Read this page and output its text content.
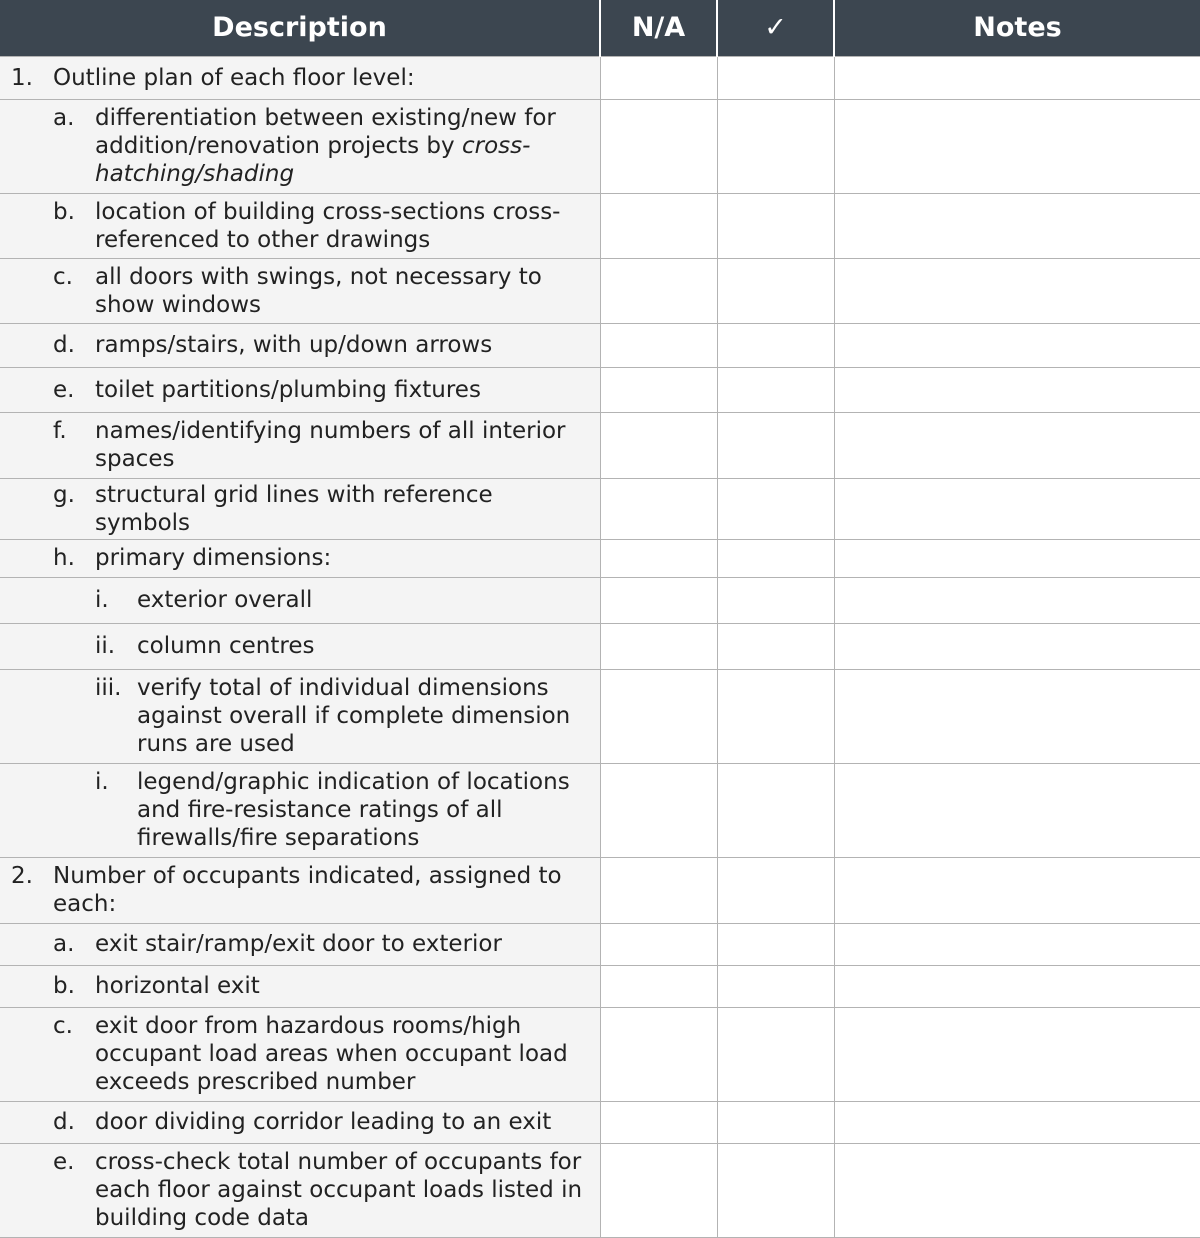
Description	N/A	✓	Notes

1. Outline plan of each floor level:			

a. differentiation between existing/new for addition/renovation projects by cross-hatching/shading			

b. location of building cross-sections cross-referenced to other drawings			

c. all doors with swings, not necessary to show windows			

d. ramps/stairs, with up/down arrows			

e. toilet partitions/plumbing fixtures			

f. names/identifying numbers of all interior spaces			

g. structural grid lines with reference symbols			

h. primary dimensions:			

i. exterior overall			

ii. column centres			

iii. verify total of individual dimensions against overall if complete dimension runs are used			

i. legend/graphic indication of locations and fire-resistance ratings of all firewalls/fire separations			

2. Number of occupants indicated, assigned to each:			

a. exit stair/ramp/exit door to exterior			

b. horizontal exit			

c. exit door from hazardous rooms/high occupant load areas when occupant load exceeds prescribed number			

d. door dividing corridor leading to an exit			

e. cross-check total number of occupants for each floor against occupant loads listed in building code data			
